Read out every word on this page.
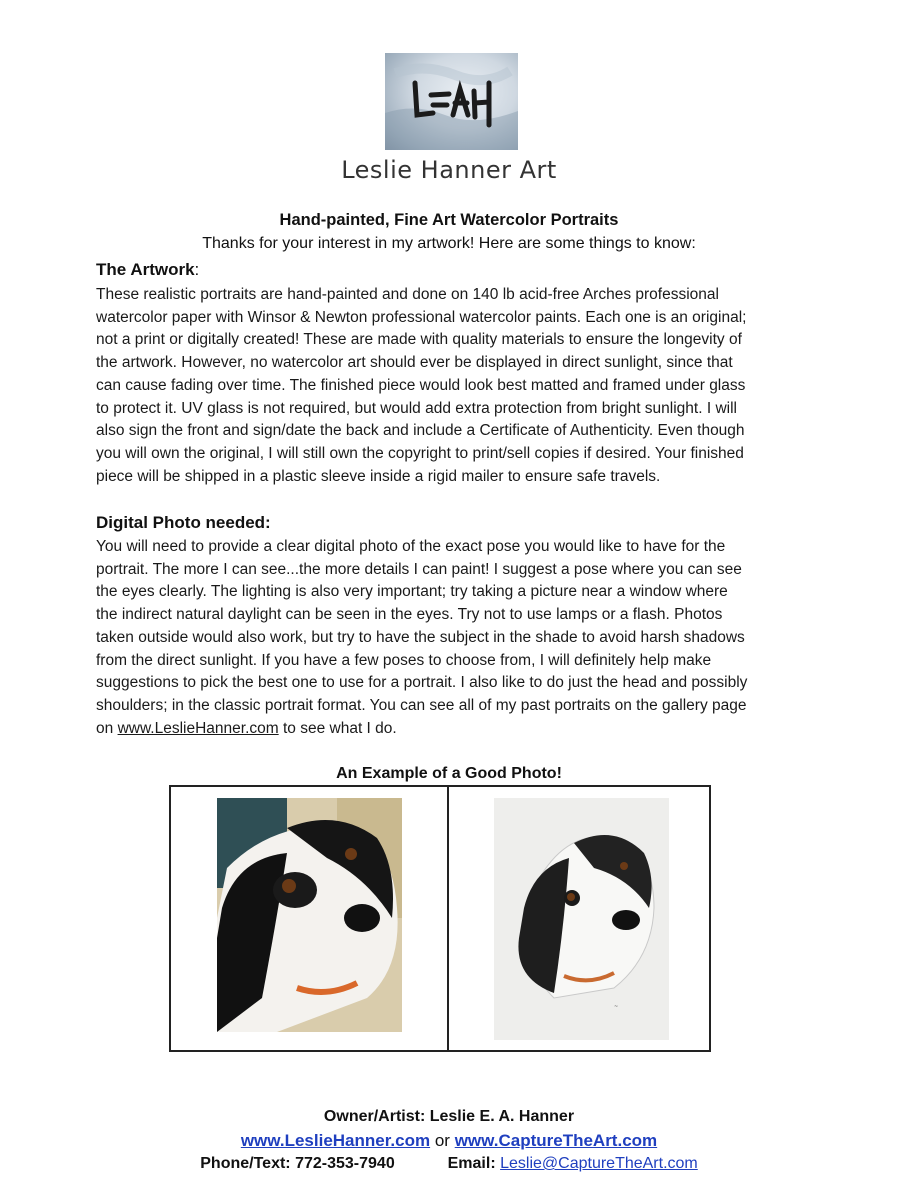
Leslie Hanner Art
Hand-painted, Fine Art Watercolor Portraits
Thanks for your interest in my artwork! Here are some things to know:
The Artwork:
These realistic portraits are hand-painted and done on 140 lb acid-free Arches professional
watercolor paper with Winsor & Newton professional watercolor paints. Each one is an original;
not a print or digitally created! These are made with quality materials to ensure the longevity of
the artwork. However, no watercolor art should ever be displayed in direct sunlight, since that
can cause fading over time. The finished piece would look best matted and framed under glass
to protect it. UV glass is not required, but would add extra protection from bright sunlight. I will
also sign the front and sign/date the back and include a Certificate of Authenticity. Even though
you will own the original, I will still own the copyright to print/sell copies if desired. Your finished
piece will be shipped in a plastic sleeve inside a rigid mailer to ensure safe travels.
Digital Photo needed:
You will need to provide a clear digital photo of the exact pose you would like to have for the
portrait. The more I can see...the more details I can paint! I suggest a pose where you can see
the eyes clearly. The lighting is also very important; try taking a picture near a window where
the indirect natural daylight can be seen in the eyes. Try not to use lamps or a flash. Photos
taken outside would also work, but try to have the subject in the shade to avoid harsh shadows
from the direct sunlight. If you have a few poses to choose from, I will definitely help make
suggestions to pick the best one to use for a portrait. I also like to do just the head and possibly
shoulders; in the classic portrait format. You can see all of my past portraits on the gallery page
on www.LeslieHanner.com to see what I do.
An Example of a Good Photo!
~
Owner/Artist: Leslie E. A. Hanner
www.LeslieHanner.com or www.CaptureTheArt.com
Phone/Text: 772-353-7940	Email: Leslie@CaptureTheArt.com
